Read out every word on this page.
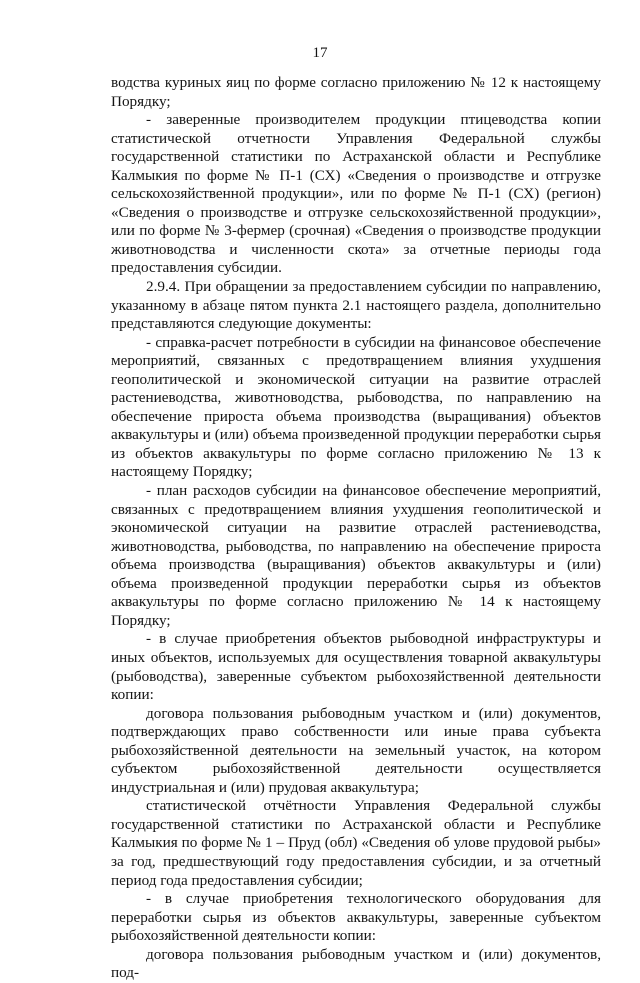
17

водства куриных яиц по форме согласно приложению № 12 к настоящему Порядку;

- заверенные производителем продукции птицеводства копии статистической отчетности Управления Федеральной службы государственной статистики по Астраханской области и Республике Калмыкия по форме № П-1 (СХ) «Сведения о производстве и отгрузке сельскохозяйственной продукции», или по форме № П-1 (СХ) (регион) «Сведения о производстве и отгрузке сельскохозяйственной продукции», или по форме № 3-фермер (срочная) «Сведения о производстве продукции животноводства и численности скота» за отчетные периоды года предоставления субсидии.

2.9.4. При обращении за предоставлением субсидии по направлению, указанному в абзаце пятом пункта 2.1 настоящего раздела, дополнительно представляются следующие документы:

- справка-расчет потребности в субсидии на финансовое обеспечение мероприятий, связанных с предотвращением влияния ухудшения геополитической и экономической ситуации на развитие отраслей растениеводства, животноводства, рыбоводства, по направлению на обеспечение прироста объема производства (выращивания) объектов аквакультуры и (или) объема произведенной продукции переработки сырья из объектов аквакультуры по форме согласно приложению № 13 к настоящему Порядку;

- план расходов субсидии на финансовое обеспечение мероприятий, связанных с предотвращением влияния ухудшения геополитической и экономической ситуации на развитие отраслей растениеводства, животноводства, рыбоводства, по направлению на обеспечение прироста объема производства (выращивания) объектов аквакультуры и (или) объема произведенной продукции переработки сырья из объектов аквакультуры по форме согласно приложению № 14 к настоящему Порядку;

- в случае приобретения объектов рыбоводной инфраструктуры и иных объектов, используемых для осуществления товарной аквакультуры (рыбоводства), заверенные субъектом рыбохозяйственной деятельности копии:

договора пользования рыбоводным участком и (или) документов, подтверждающих право собственности или иные права субъекта рыбохозяйственной деятельности на земельный участок, на котором субъектом рыбохозяйственной деятельности осуществляется индустриальная и (или) прудовая аквакультура;

статистической отчётности Управления Федеральной службы государственной статистики по Астраханской области и Республике Калмыкия по форме № 1 – Пруд (обл) «Сведения об улове прудовой рыбы» за год, предшествующий году предоставления субсидии, и за отчетный период года предоставления субсидии;

- в случае приобретения технологического оборудования для переработки сырья из объектов аквакультуры, заверенные субъектом рыбохозяйственной деятельности копии:

договора пользования рыбоводным участком и (или) документов, под-
